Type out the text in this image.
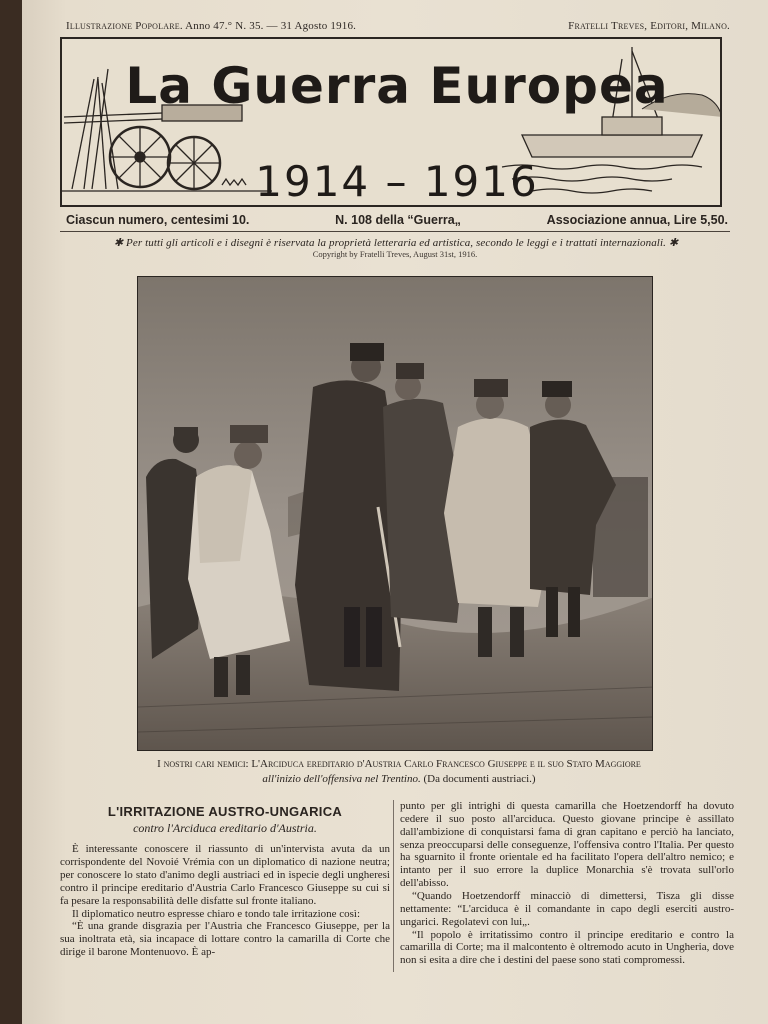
Illustrazione Popolare. Anno 47.° N. 35. — 31 Agosto 1916.	Fratelli Treves, Editori, Milano.
La Guerra Europea
1914 – 1916
Ciascun numero, centesimi 10.	N. 108 della “Guerra„	Associazione annua, Lire 5,50.
✱ Per tutti gli articoli e i disegni è riservata la proprietà letteraria ed artistica, secondo le leggi e i trattati internazionali. ✱
Copyright by Fratelli Treves, August 31st, 1916.
I nostri cari nemici: L'Arciduca ereditario d'Austria Carlo Francesco Giuseppe e il suo Stato Maggiore
all'inizio dell'offensiva nel Trentino. (Da documenti austriaci.)
L'IRRITAZIONE AUSTRO-UNGARICA
contro l'Arciduca ereditario d'Austria.

È interessante conoscere il riassunto di un'intervista avuta da un corrispondente del Novoié Vrémia con un diplomatico di nazione neutra; per conoscere lo stato d'animo degli austriaci ed in ispecie degli ungheresi contro il principe ereditario d'Austria Carlo Francesco Giuseppe su cui si fa pesare la responsabilità delle disfatte sul fronte italiano.

Il diplomatico neutro espresse chiaro e tondo tale irritazione così:

“È una grande disgrazia per l'Austria che Francesco Giuseppe, per la sua inoltrata età, sia incapace di lottare contro la camarilla di Corte che dirige il barone Montenuovo. È ap-

punto per gli intrighi di questa camarilla che Hoetzendorff ha dovuto cedere il suo posto all'arciduca. Questo giovane principe è assillato dall'ambizione di conquistarsi fama di gran capitano e perciò ha lanciato, senza preoccuparsi delle conseguenze, l'offensiva contro l'Italia. Per questo ha sguarnito il fronte orientale ed ha facilitato l'opera dell'altro nemico; e intanto per il suo errore la duplice Monarchia s'è trovata sull'orlo dell'abisso.

“Quando Hoetzendorff minacciò di dimettersi, Tisza gli disse nettamente: “L'arciduca è il comandante in capo degli eserciti austro-ungarici. Regolatevi con lui„.

“Il popolo è irritatissimo contro il principe ereditario e contro la camarilla di Corte; ma il malcontento è oltremodo acuto in Ungheria, dove non si esita a dire che i destini del paese sono stati compromessi.
